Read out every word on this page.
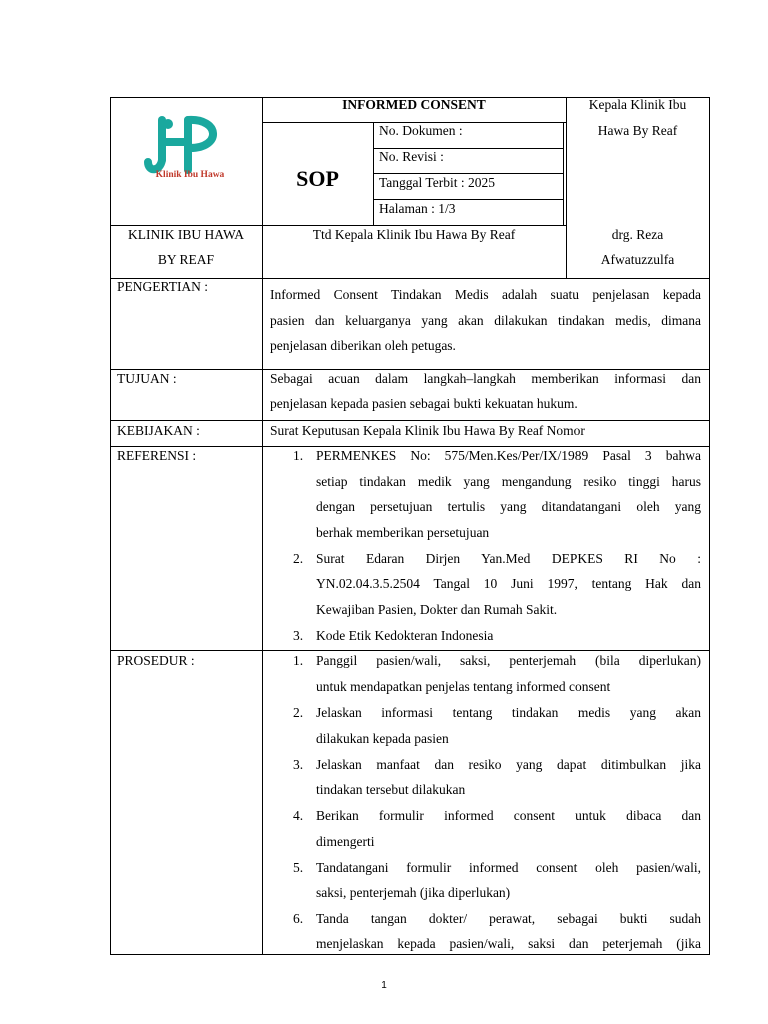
Klinik Ibu Hawa
INFORMED CONSENT
SOP
No. Dokumen :
No. Revisi :
Tanggal Terbit : 2025
Halaman : 1/3
Kepala Klinik Ibu
Hawa By Reaf
KLINIK IBU HAWA
BY REAF
Ttd Kepala Klinik Ibu Hawa By Reaf	drg. Reza
Afwatuzzulfa
PENGERTIAN :
TUJUAN :
KEBIJAKAN :
REFERENSI :
PROSEDUR :
Informed Consent Tindakan Medis adalah suatu penjelasan kepada
pasien dan keluarganya yang akan dilakukan tindakan medis, dimana
penjelasan diberikan oleh petugas.
Sebagai acuan dalam langkah–langkah memberikan informasi dan
penjelasan kepada pasien sebagai bukti kekuatan hukum.
Surat Keputusan Kepala Klinik Ibu Hawa By Reaf Nomor
1. PERMENKES No: 575/Men.Kes/Per/IX/1989 Pasal 3 bahwa
setiap tindakan medik yang mengandung resiko tinggi harus
dengan persetujuan tertulis yang ditandatangani oleh yang
berhak memberikan persetujuan
2. Surat Edaran Dirjen Yan.Med DEPKES RI No :
YN.02.04.3.5.2504 Tangal 10 Juni 1997, tentang Hak dan
Kewajiban Pasien, Dokter dan Rumah Sakit.
3. Kode Etik Kedokteran Indonesia
1. Panggil pasien/wali, saksi, penterjemah (bila diperlukan)
untuk mendapatkan penjelas tentang informed consent
2. Jelaskan informasi tentang tindakan medis yang akan
dilakukan kepada pasien
3. Jelaskan manfaat dan resiko yang dapat ditimbulkan jika
tindakan tersebut dilakukan
4. Berikan formulir informed consent untuk dibaca dan
dimengerti
5. Tandatangani formulir informed consent oleh pasien/wali,
saksi, penterjemah (jika diperlukan)
6. Tanda tangan dokter/ perawat, sebagai bukti sudah
menjelaskan kepada pasien/wali, saksi dan peterjemah (jika
1
